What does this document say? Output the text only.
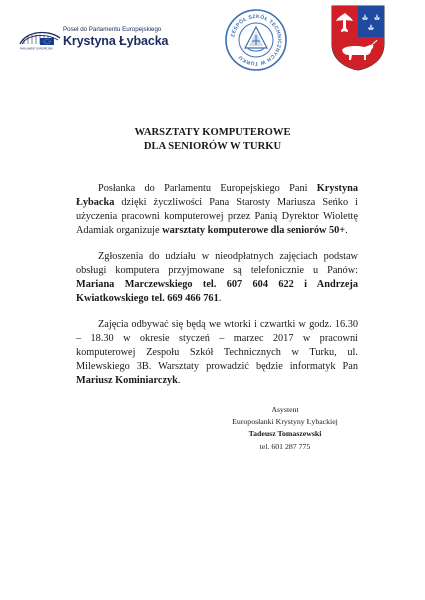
PARLAMENT EUROPEJSKI
Poseł do Parlamentu Europejskiego
Krystyna Łybacka	ZESPÓŁ SZKÓŁ TECHNICZNYCH W TURKU
WARSZTATY KOMPUTEROWE
DLA SENIORÓW W TURKU

Posłanka do Parlamentu Europejskiego Pani Krystyna Łybacka dzięki życzliwości Pana Starosty Mariusza Seńko i użyczenia pracowni komputerowej przez Panią Dyrektor Wiolettę Adamiak organizuje warsztaty komputerowe dla seniorów 50+.

Zgłoszenia do udziału w nieodpłatnych zajęciach podstaw obsługi komputera przyjmowane są telefonicznie u Panów: Mariana Marczewskiego tel. 607 604 622 i Andrzeja Kwiatkowskiego tel. 669 466 761.

Zajęcia odbywać się będą we wtorki i czwartki w godz. 16.30 – 18.30 w okresie styczeń – marzec 2017 w pracowni komputerowej Zespołu Szkół Technicznych w Turku, ul. Milewskiego 3B. Warsztaty prowadzić będzie informatyk Pan Mariusz Kominiarczyk.

Asystent
Europosłanki Krystyny Łybackiej
Tadeusz Tomaszewski
tel. 601 287 775
